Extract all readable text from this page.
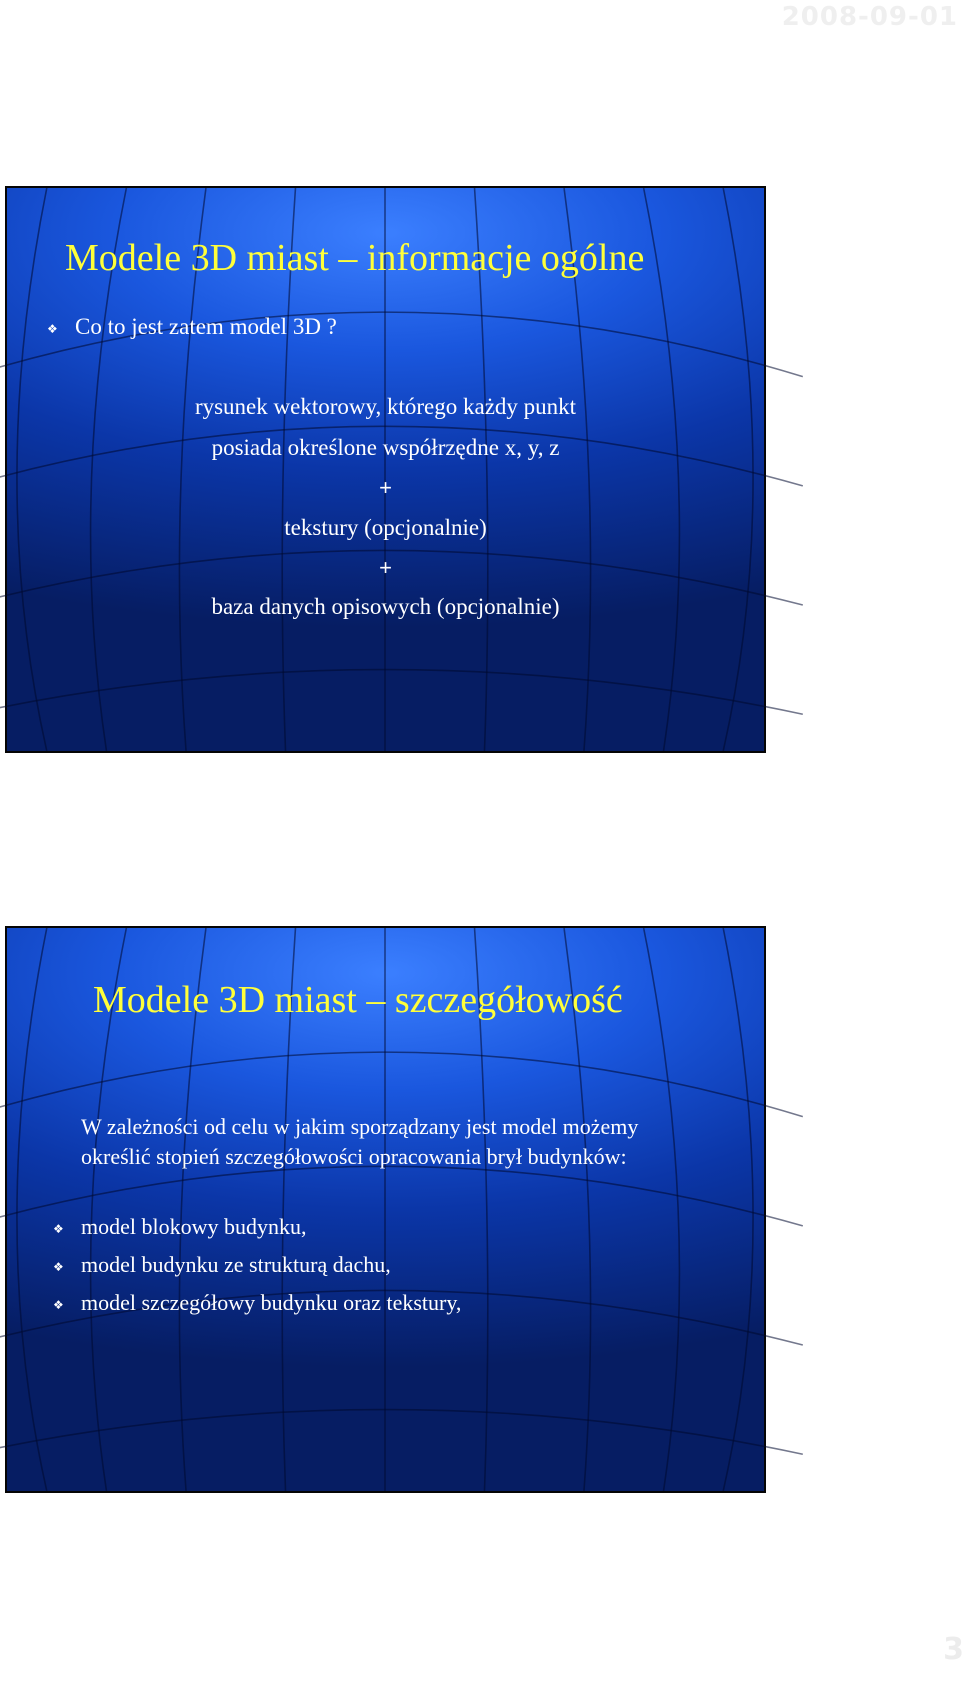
2008-09-01
Modele 3D miast – informacje ogólne
❖ Co to jest zatem model 3D ?

rysunek wektorowy, którego każdy punkt

posiada określone współrzędne x, y, z

+

tekstury (opcjonalnie)

+

baza danych opisowych (opcjonalnie)

Modele 3D miast – szczegółowość

W zależności od celu w jakim sporządzany jest model możemy

określić stopień szczegółowości opracowania brył budynków:

❖ model blokowy budynku,

❖ model budynku ze strukturą dachu,

❖ model szczegółowy budynku oraz tekstury,

3
